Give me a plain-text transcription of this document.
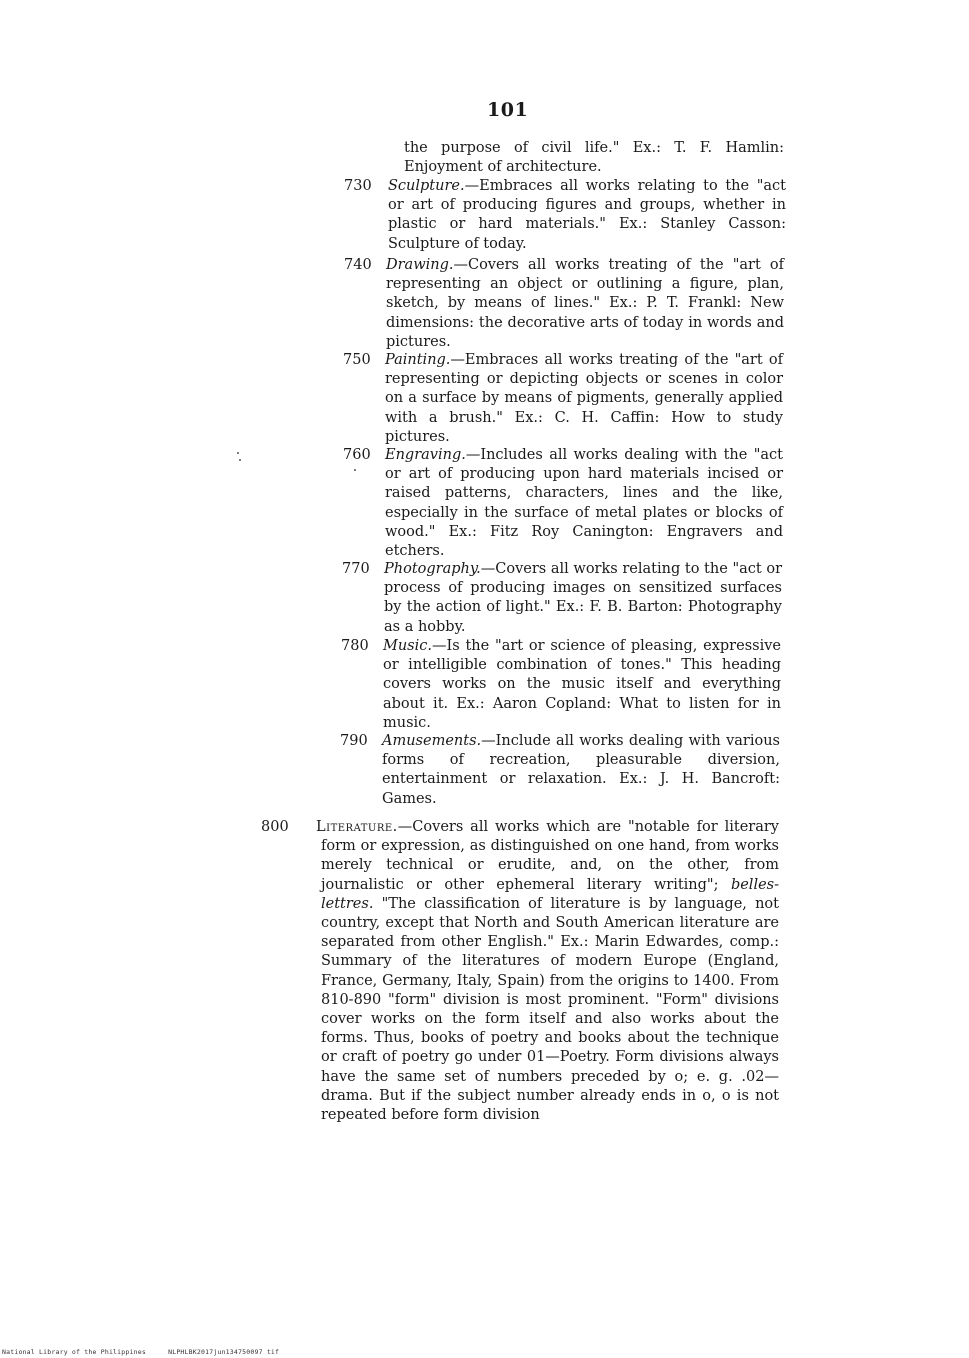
101
the purpose of civil life." Ex.: T. F. Hamlin: Enjoyment of architecture.
730	Sculpture.—Embraces all works relating to the "act or art of producing figures and groups, whether in plastic or hard materials." Ex.: Stanley Casson: Sculpture of today.
740 Drawing.—Covers all works treating of the "art of representing an object or outlining a figure, plan, sketch, by means of lines." Ex.: P. T. Frankl: New dimensions: the decorative arts of today in words and pictures.
750 Painting.—Embraces all works treating of the "art of representing or depicting objects or scenes in color on a surface by means of pigments, generally applied with a brush." Ex.: C. H. Caffin: How to study pictures.
760 Engraving.—Includes all works dealing with the "act or art of producing upon hard materials incised or raised patterns, characters, lines and the like, especially in the surface of metal plates or blocks of wood." Ex.: Fitz Roy Canington: Engravers and etchers.
770 Photography.—Covers all works relating to the "act or process of producing images on sensitized surfaces by the action of light." Ex.: F. B. Barton: Photography as a hobby.
780 Music.—Is the "art or science of pleasing, expressive or intelligible combination of tones." This heading covers works on the music itself and everything about it. Ex.: Aaron Copland: What to listen for in music.
790 Amusements.—Include all works dealing with various forms of recreation, pleasurable diversion, entertainment or relaxation. Ex.: J. H. Bancroft: Games.
800	Literature.—Covers all works which are "notable for literary form or expression, as distinguished on one hand, from works merely technical or erudite, and, on the other, from journalistic or other ephemeral literary writing"; belles-lettres. "The classification of literature is by language, not country, except that North and South American literature are separated from other English." Ex.: Marin Edwardes, comp.: Summary of the literatures of modern Europe (England, France, Germany, Italy, Spain) from the origins to 1400. From 810-890 "form" division is most prominent. "Form" divisions cover works on the form itself and also works about the forms. Thus, books of poetry and books about the technique or craft of poetry go under 01—Poetry. Form divisions always have the same set of numbers preceded by o; e. g. .02—drama. But if the subject number already ends in o, o is not repeated before form division
National Library of the Philippines	NLPHLBK2017jun134750097 tif
